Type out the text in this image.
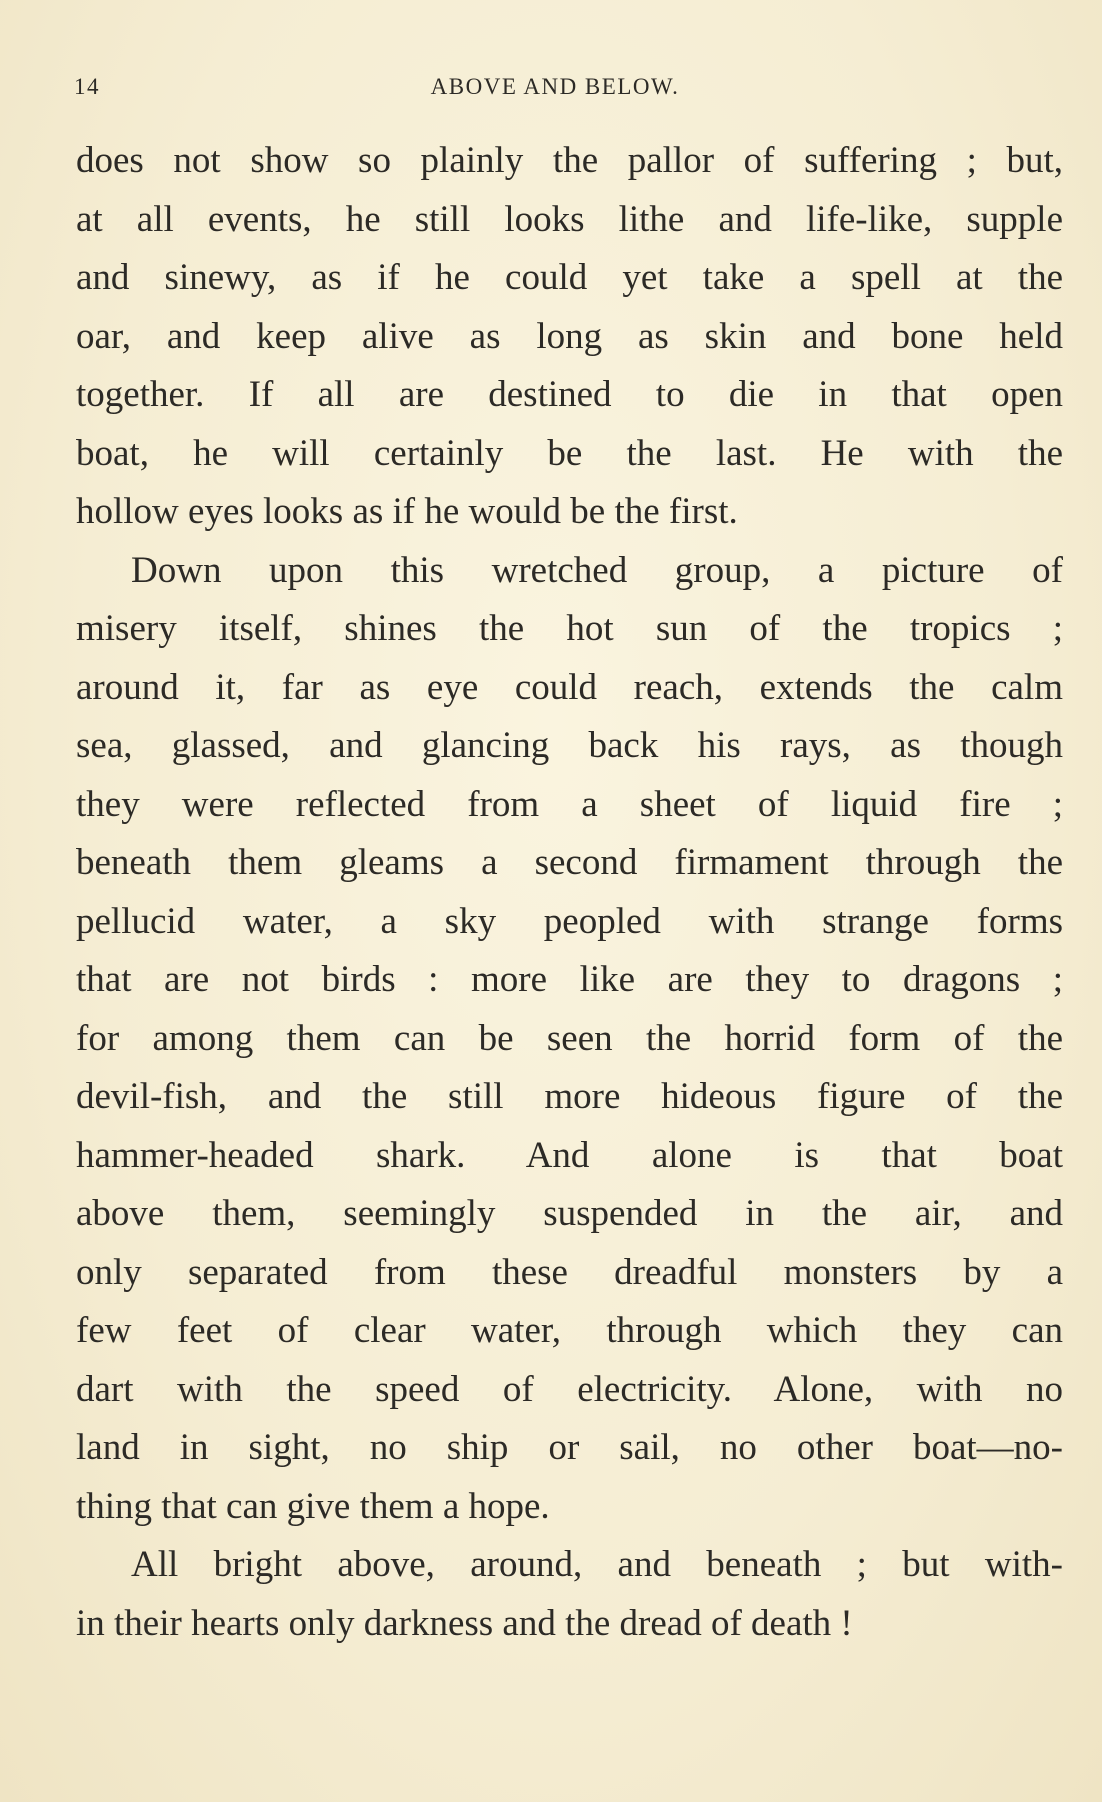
14	ABOVE AND BELOW.
does not show so plainly the pallor of suffering ; but,
at all events, he still looks lithe and life-like, supple
and sinewy, as if he could yet take a spell at the
oar, and keep alive as long as skin and bone held
together. If all are destined to die in that open
boat, he will certainly be the last. He with the
hollow eyes looks as if he would be the first.
Down upon this wretched group, a picture of
misery itself, shines the hot sun of the tropics ;
around it, far as eye could reach, extends the calm
sea, glassed, and glancing back his rays, as though
they were reflected from a sheet of liquid fire ;
beneath them gleams a second firmament through the
pellucid water, a sky peopled with strange forms
that are not birds : more like are they to dragons ;
for among them can be seen the horrid form of the
devil-fish, and the still more hideous figure of the
hammer-headed shark. And alone is that boat
above them, seemingly suspended in the air, and
only separated from these dreadful monsters by a
few feet of clear water, through which they can
dart with the speed of electricity. Alone, with no
land in sight, no ship or sail, no other boat—no-
thing that can give them a hope.
All bright above, around, and beneath ; but with-
in their hearts only darkness and the dread of death !
